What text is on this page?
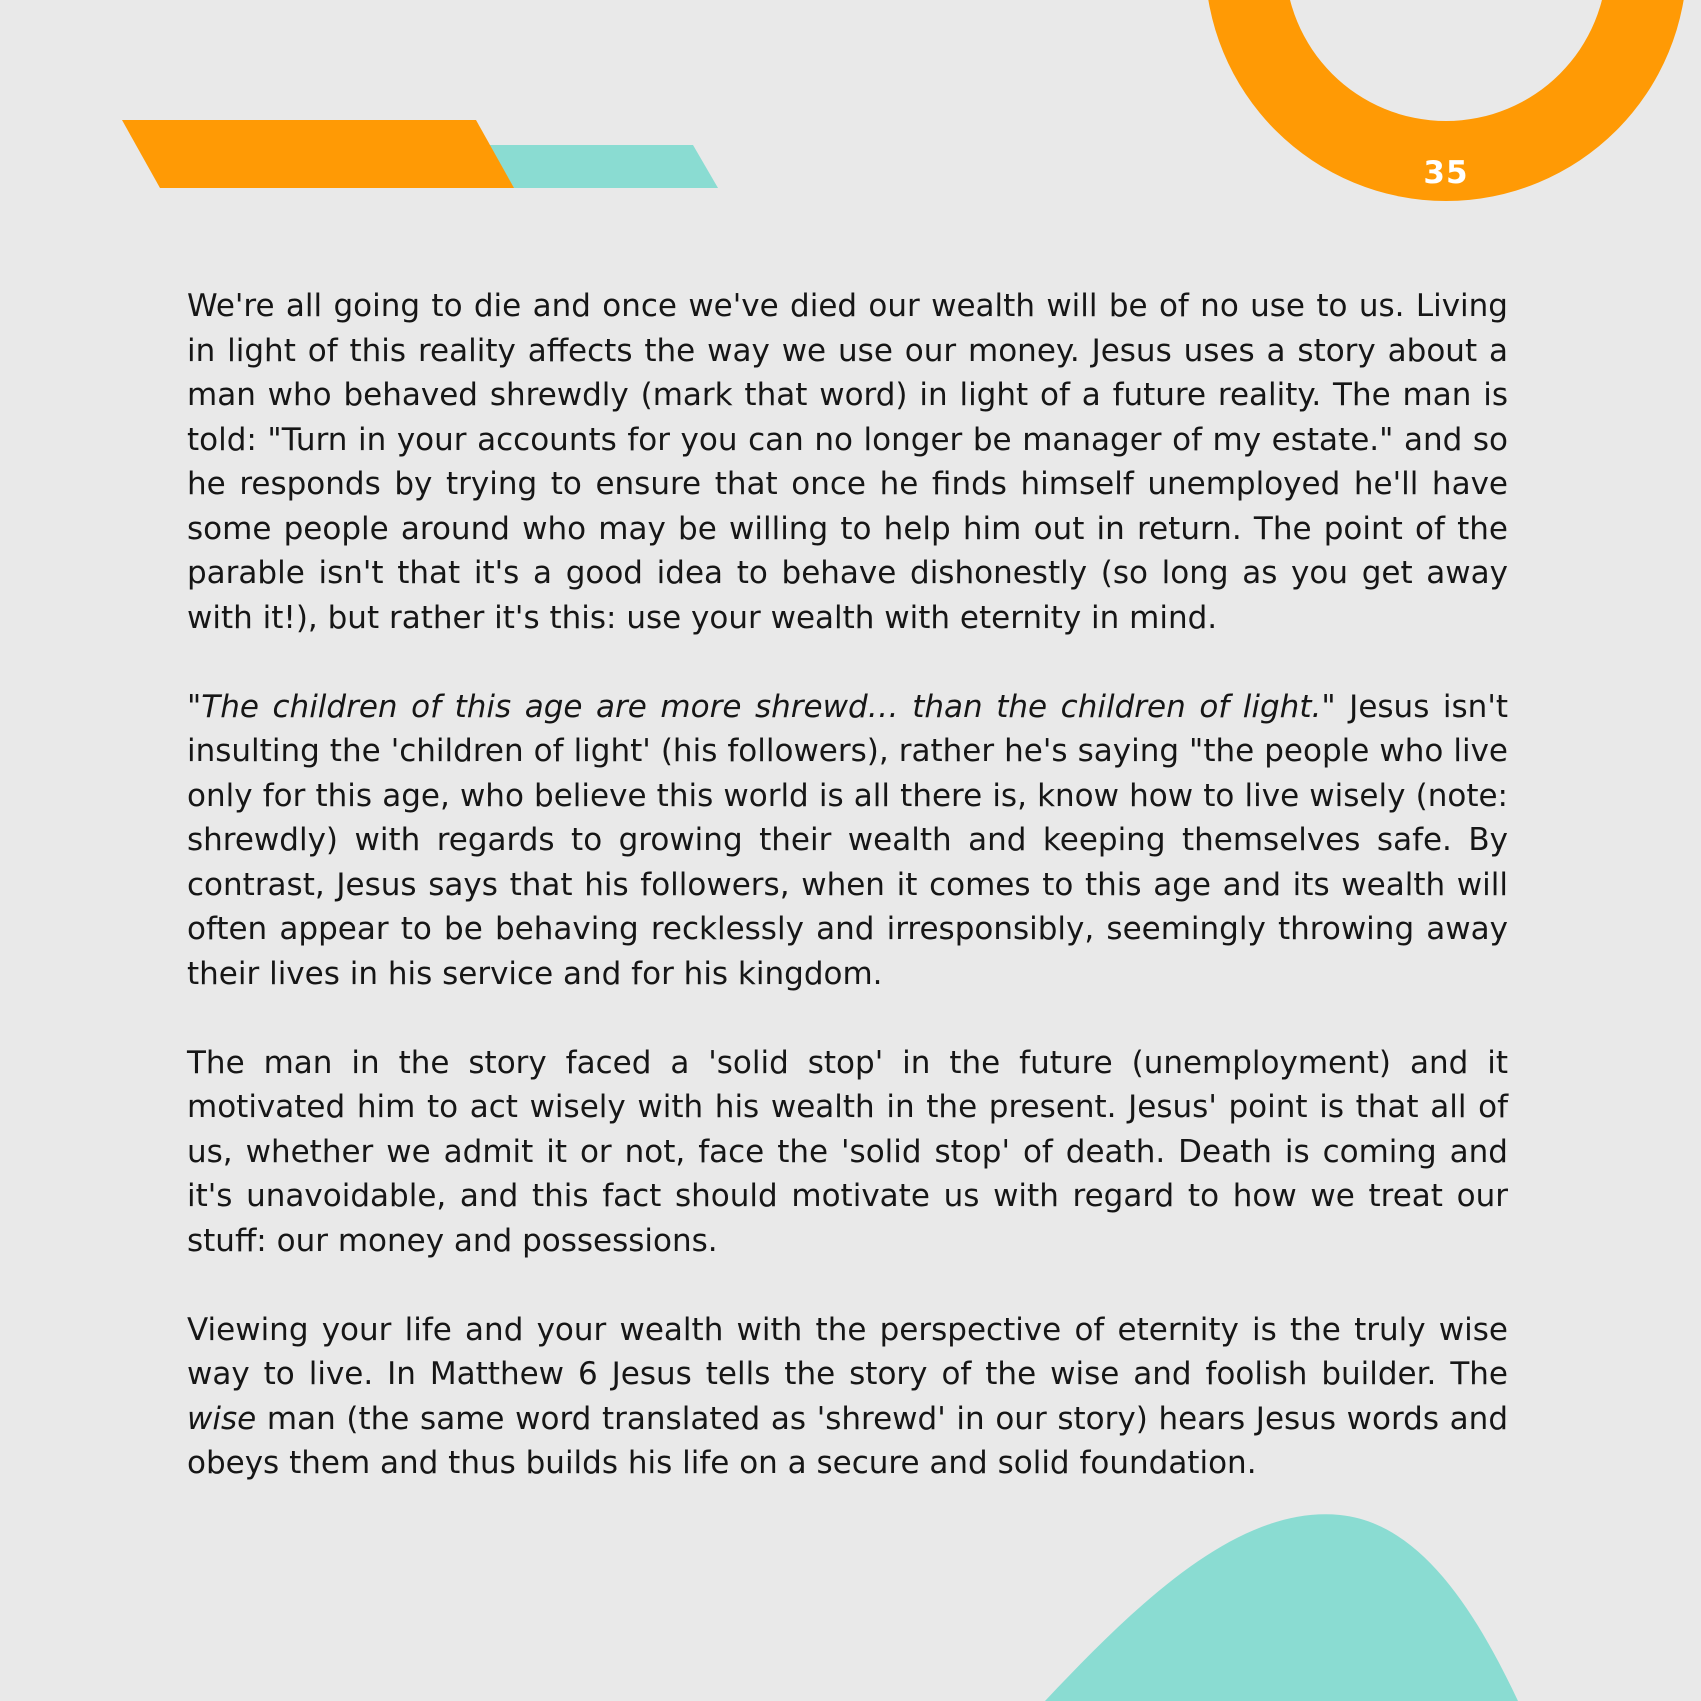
35

We're all going to die and once we've died our wealth will be of no use to us. Living in light of this reality affects the way we use our money. Jesus uses a story about a man who behaved shrewdly (mark that word) in light of a future reality. The man is told: "Turn in your accounts for you can no longer be manager of my estate." and so he responds by trying to ensure that once he finds himself unemployed he'll have some people around who may be willing to help him out in return. The point of the parable isn't that it's a good idea to behave dishonestly (so long as you get away with it!), but rather it's this: use your wealth with eternity in mind.

"The children of this age are more shrewd… than the children of light." Jesus isn't insulting the 'children of light' (his followers), rather he's saying "the people who live only for this age, who believe this world is all there is, know how to live wisely (note: shrewdly) with regards to growing their wealth and keeping themselves safe. By contrast, Jesus says that his followers, when it comes to this age and its wealth will often appear to be behaving recklessly and irresponsibly, seemingly throwing away their lives in his service and for his kingdom.

The man in the story faced a 'solid stop' in the future (unemployment) and it motivated him to act wisely with his wealth in the present. Jesus' point is that all of us, whether we admit it or not, face the 'solid stop' of death. Death is coming and it's unavoidable, and this fact should motivate us with regard to how we treat our stuff: our money and possessions.

Viewing your life and your wealth with the perspective of eternity is the truly wise way to live. In Matthew 6 Jesus tells the story of the wise and foolish builder. The wise man (the same word translated as 'shrewd' in our story) hears Jesus words and obeys them and thus builds his life on a secure and solid foundation.
